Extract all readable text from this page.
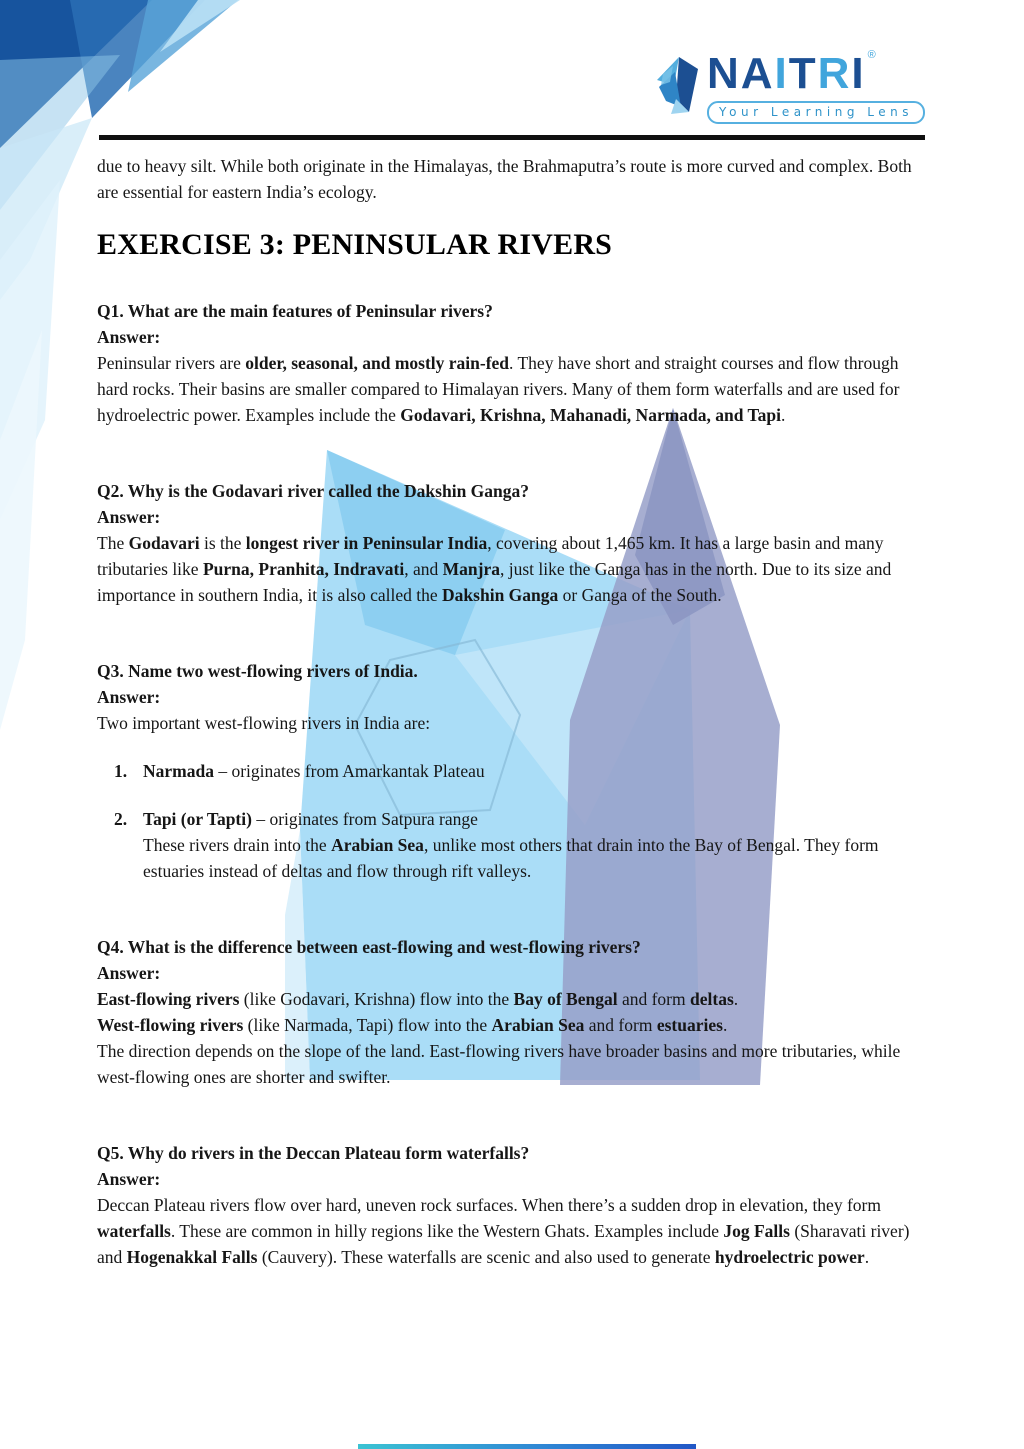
NAITRI ®
Your Learning Lens

due to heavy silt. While both originate in the Himalayas, the Brahmaputra’s route is more curved and complex. Both are essential for eastern India’s ecology.

EXERCISE 3: PENINSULAR RIVERS

Q1. What are the main features of Peninsular rivers?

Answer:

Peninsular rivers are older, seasonal, and mostly rain-fed. They have short and straight courses and flow through hard rocks. Their basins are smaller compared to Himalayan rivers. Many of them form waterfalls and are used for hydroelectric power. Examples include the Godavari, Krishna, Mahanadi, Narmada, and Tapi.

Q2. Why is the Godavari river called the Dakshin Ganga?

Answer:

The Godavari is the longest river in Peninsular India, covering about 1,465 km. It has a large basin and many tributaries like Purna, Pranhita, Indravati, and Manjra, just like the Ganga has in the north. Due to its size and importance in southern India, it is also called the Dakshin Ganga or Ganga of the South.

Q3. Name two west-flowing rivers of India.

Answer:

Two important west-flowing rivers in India are:

1. Narmada – originates from Amarkantak Plateau
2. Tapi (or Tapti) – originates from Satpura range
These rivers drain into the Arabian Sea, unlike most others that drain into the Bay of Bengal. They form estuaries instead of deltas and flow through rift valleys.

Q4. What is the difference between east-flowing and west-flowing rivers?

Answer:

East-flowing rivers (like Godavari, Krishna) flow into the Bay of Bengal and form deltas.
West-flowing rivers (like Narmada, Tapi) flow into the Arabian Sea and form estuaries.
The direction depends on the slope of the land. East-flowing rivers have broader basins and more tributaries, while west-flowing ones are shorter and swifter.

Q5. Why do rivers in the Deccan Plateau form waterfalls?

Answer:

Deccan Plateau rivers flow over hard, uneven rock surfaces. When there’s a sudden drop in elevation, they form waterfalls. These are common in hilly regions like the Western Ghats. Examples include Jog Falls (Sharavati river) and Hogenakkal Falls (Cauvery). These waterfalls are scenic and also used to generate hydroelectric power.
